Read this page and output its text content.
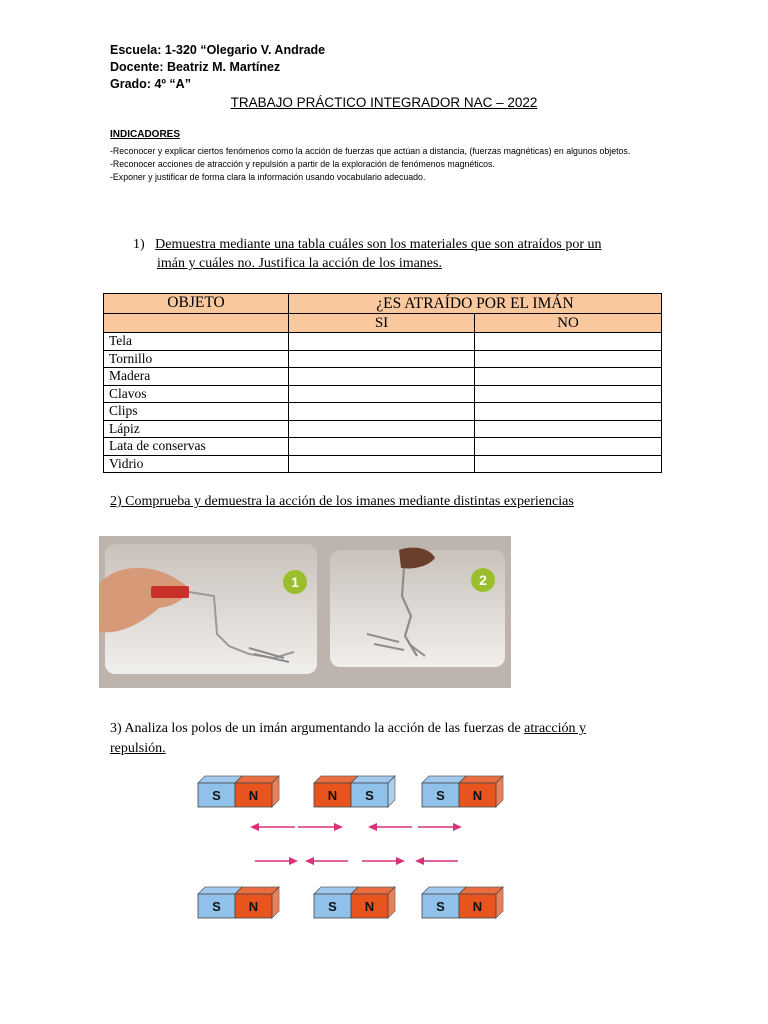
Escuela: 1-320 “Olegario V. Andrade
Docente: Beatriz M. Martínez
Grado: 4º “A”
TRABAJO PRÁCTICO INTEGRADOR NAC – 2022
INDICADORES
-Reconocer y explicar ciertos fenómenos como la acción de fuerzas que actúan a distancia, (fuerzas magnéticas) en algunos objetos.
-Reconocer acciones de atracción y repulsión a partir de la exploración de fenómenos magnéticos.
-Exponer y justificar de forma clara la información usando vocabulario adecuado.
1) Demuestra mediante una tabla cuáles son los materiales que son atraídos por un
imán y cuáles no. Justifica la acción de los imanes.
OBJETO	¿ES ATRAÍDO POR EL IMÁN	
	SI	NO
Tela		
Tornillo		
Madera		
Clavos		
Clips		
Lápiz		
Lata de conservas		
Vidrio		
2) Comprueba y demuestra la acción de los imanes mediante distintas experiencias
1	2
3) Analiza los polos de un imán argumentando la acción de las fuerzas de atracción y
repulsión.
S N	N S	S N
S N	S N	S N
